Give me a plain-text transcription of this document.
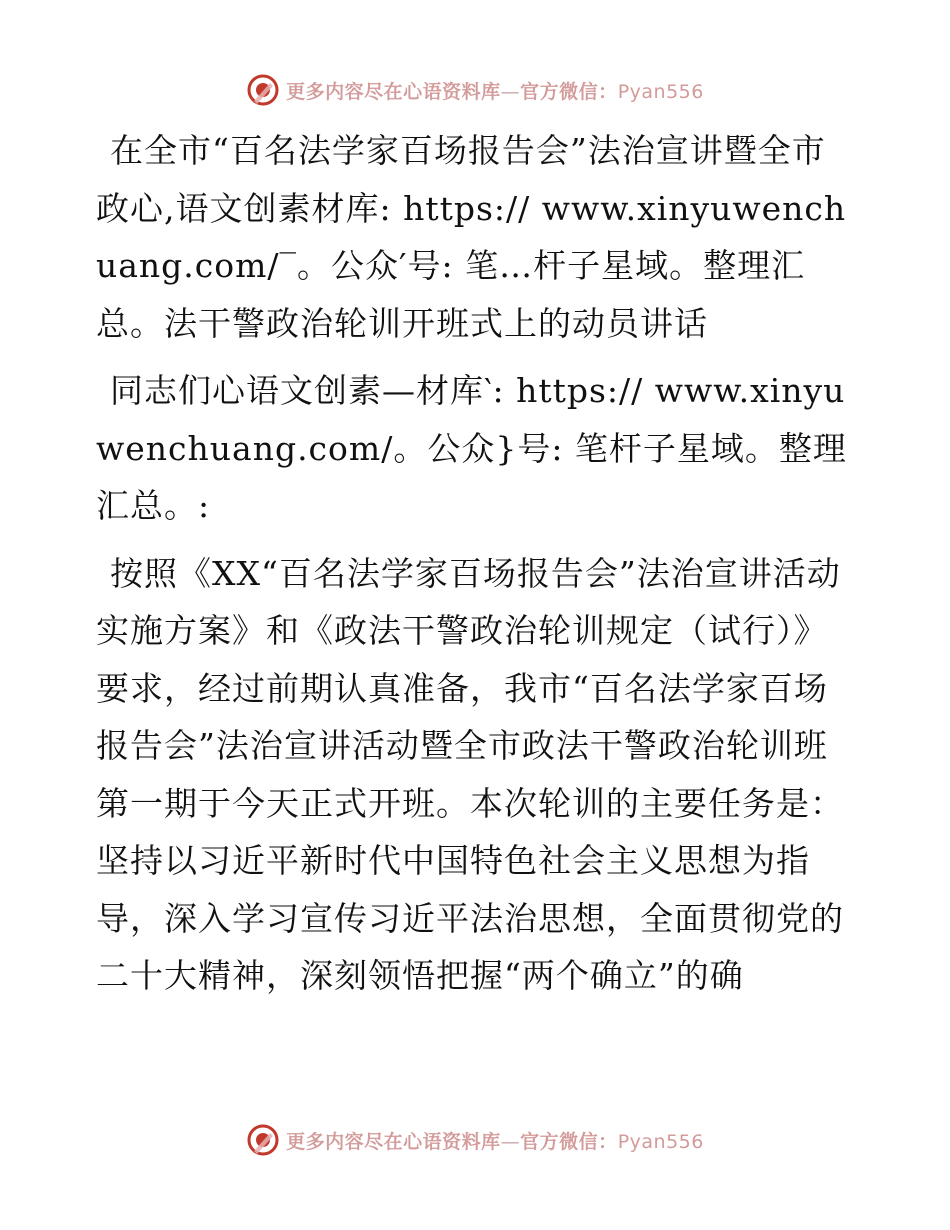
更多内容尽在心语资料库—官方微信：Pyan556

在全市“百名法学家百场报告会”法治宣讲暨全市政心,语文创素材库: https:// www.xinyuwenchuang.com/‾。公众′号: 笔…杆子星域。整理汇总。法干警政治轮训开班式上的动员讲话

同志们心语文创素—材库‵: https:// www.xinyuwenchuang.com/。公众}号: 笔杆子星域。整理汇总。:

按照《XX“百名法学家百场报告会”法治宣讲活动实施方案》和《政法干警政治轮训规定（试行）》要求，经过前期认真准备，我市“百名法学家百场报告会”法治宣讲活动暨全市政法干警政治轮训班第一期于今天正式开班。本次轮训的主要任务是：坚持以习近平新时代中国特色社会主义思想为指导，深入学习宣传习近平法治思想，全面贯彻党的二十大精神，深刻领悟把握“两个确立”的确

更多内容尽在心语资料库—官方微信：Pyan556
